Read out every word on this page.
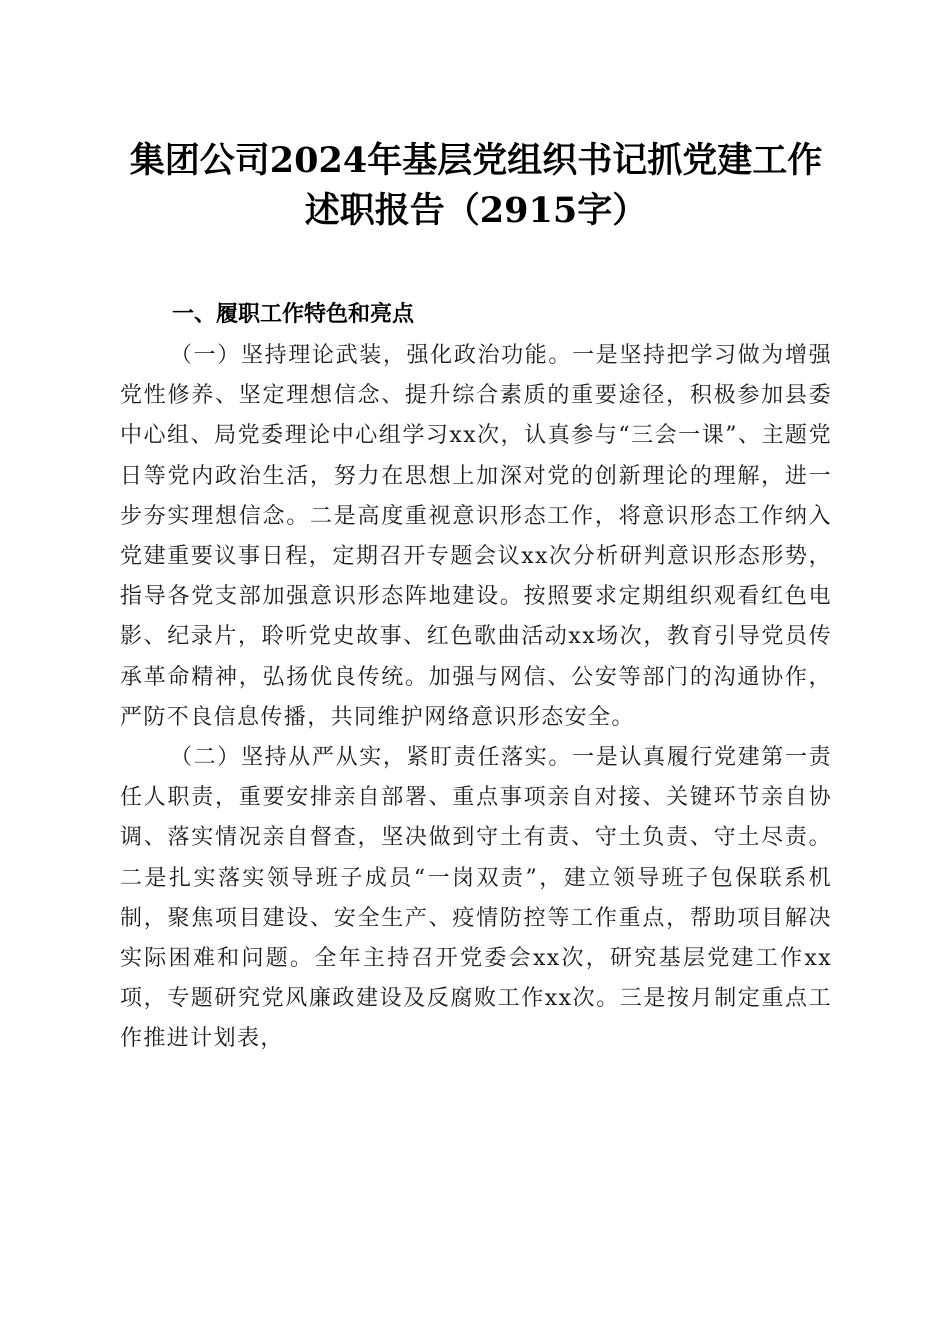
集团公司2024年基层党组织书记抓党建工作
述职报告（2915字）
一、履职工作特色和亮点

（一）坚持理论武装，强化政治功能。一是坚持把学习做为增强党性修养、坚定理想信念、提升综合素质的重要途径，积极参加县委中心组、局党委理论中心组学习xx次，认真参与“三会一课”、主题党日等党内政治生活，努力在思想上加深对党的创新理论的理解，进一步夯实理想信念。二是高度重视意识形态工作，将意识形态工作纳入党建重要议事日程，定期召开专题会议xx次分析研判意识形态形势，指导各党支部加强意识形态阵地建设。按照要求定期组织观看红色电影、纪录片，聆听党史故事、红色歌曲活动xx场次，教育引导党员传承革命精神，弘扬优良传统。加强与网信、公安等部门的沟通协作，严防不良信息传播，共同维护网络意识形态安全。

（二）坚持从严从实，紧盯责任落实。一是认真履行党建第一责任人职责，重要安排亲自部署、重点事项亲自对接、关键环节亲自协调、落实情况亲自督查，坚决做到守土有责、守土负责、守土尽责。二是扎实落实领导班子成员“一岗双责”，建立领导班子包保联系机制，聚焦项目建设、安全生产、疫情防控等工作重点，帮助项目解决实际困难和问题。全年主持召开党委会xx次，研究基层党建工作xx项，专题研究党风廉政建设及反腐败工作xx次。三是按月制定重点工作推进计划表，
